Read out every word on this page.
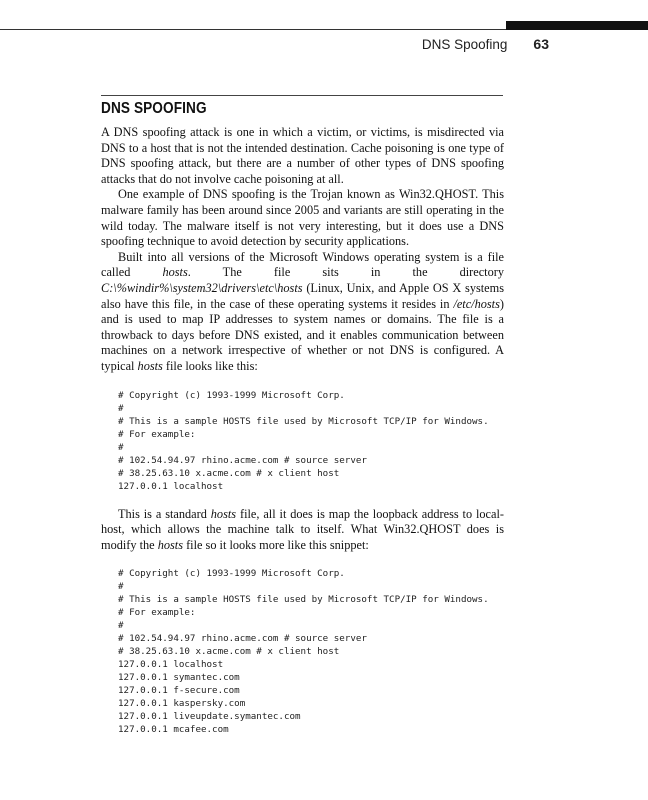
DNS Spoofing 63
DNS SPOOFING

A DNS spoofing attack is one in which a victim, or victims, is misdirected via DNS to a host that is not the intended destination. Cache poisoning is one type of DNS spoofing attack, but there are a number of other types of DNS spoofing attacks that do not involve cache poisoning at all.

One example of DNS spoofing is the Trojan known as Win32.QHOST. This malware family has been around since 2005 and variants are still operating in the wild today. The malware itself is not very interesting, but it does use a DNS spoofing technique to avoid detection by security applications.

Built into all versions of the Microsoft Windows operating system is a file called hosts. The file sits in the directory C:\%windir%\system32\drivers\etc\hosts (Linux, Unix, and Apple OS X systems also have this file, in the case of these operating systems it resides in /etc/hosts) and is used to map IP addresses to system names or domains. The file is a throwback to days before DNS existed, and it enables communication between machines on a network irrespective of whether or not DNS is configured. A typical hosts file looks like this:

# Copyright (c) 1993-1999 Microsoft Corp.
#
# This is a sample HOSTS file used by Microsoft TCP/IP for Windows.
# For example:
#
# 102.54.94.97 rhino.acme.com # source server
# 38.25.63.10 x.acme.com # x client host
127.0.0.1 localhost

This is a standard hosts file, all it does is map the loopback address to local-host, which allows the machine talk to itself. What Win32.QHOST does is modify the hosts file so it looks more like this snippet:

# Copyright (c) 1993-1999 Microsoft Corp.
#
# This is a sample HOSTS file used by Microsoft TCP/IP for Windows.
# For example:
#
# 102.54.94.97 rhino.acme.com # source server
# 38.25.63.10 x.acme.com # x client host
127.0.0.1 localhost
127.0.0.1 symantec.com
127.0.0.1 f-secure.com
127.0.0.1 kaspersky.com
127.0.0.1 liveupdate.symantec.com
127.0.0.1 mcafee.com
